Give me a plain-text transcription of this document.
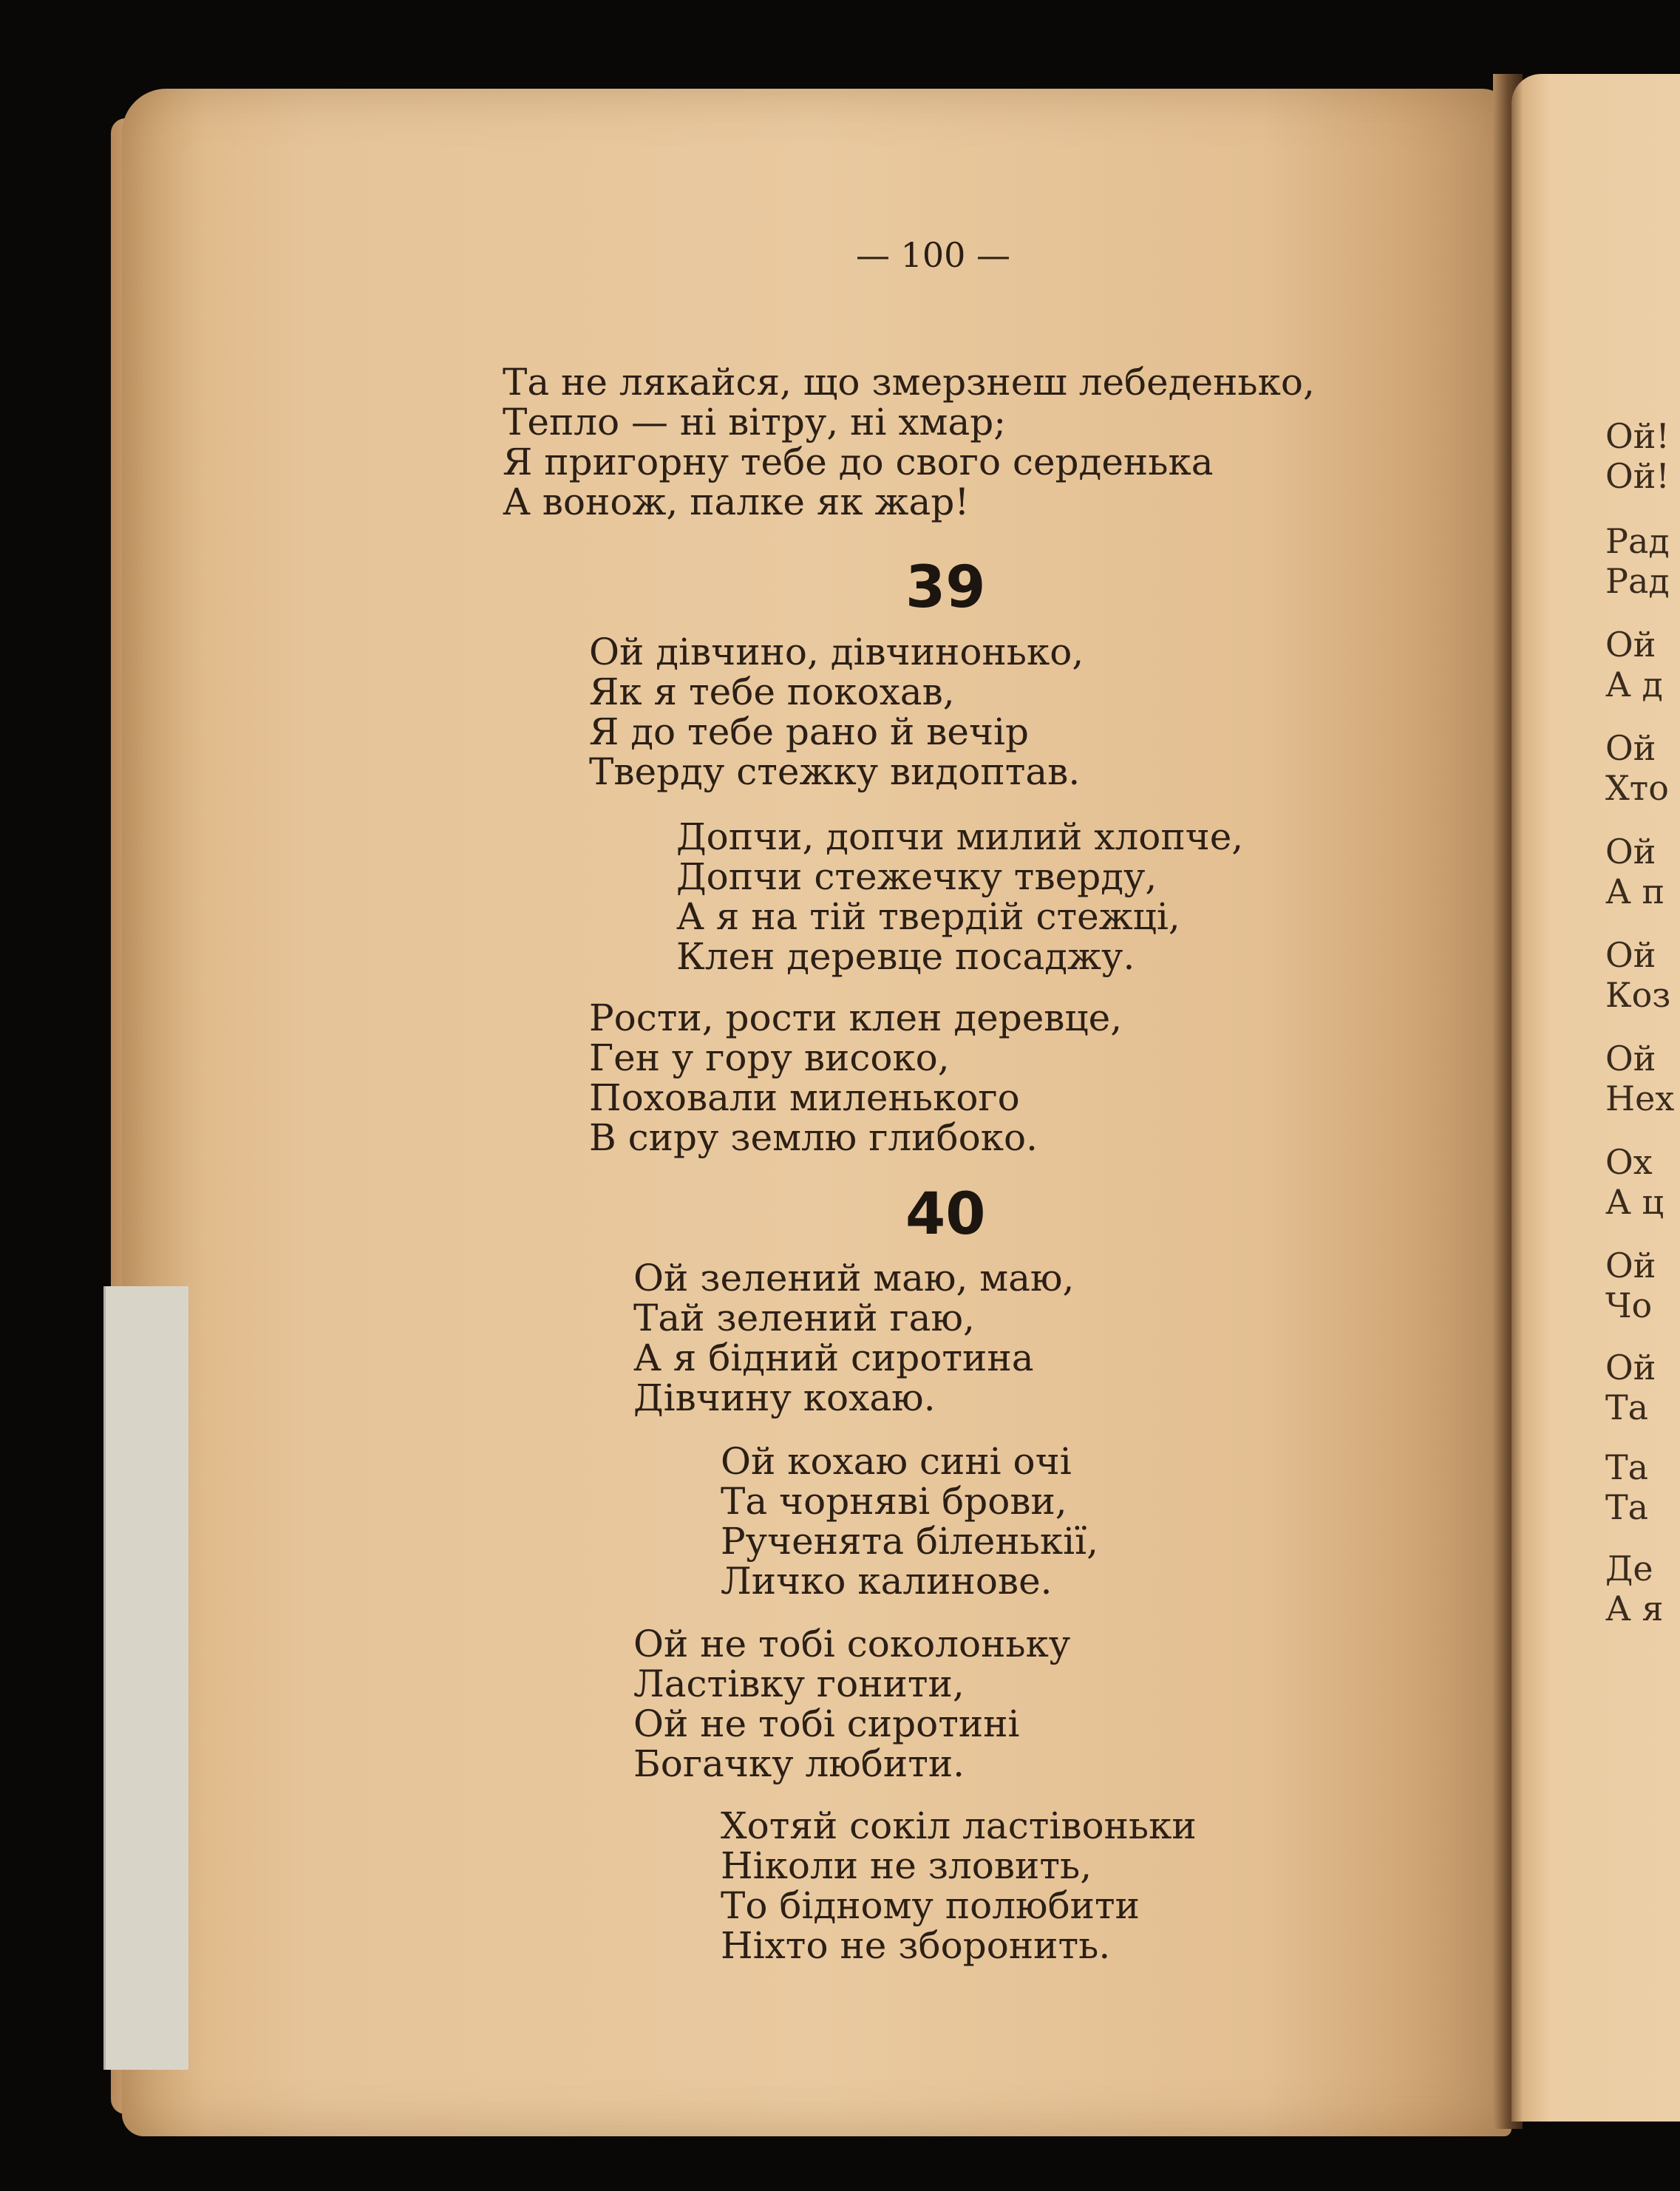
— 100 —
Та не лякайся, що змерзнеш лебеденько,
Тепло — ні вітру, ні хмар;
Я пригорну тебе до свого серденька
А вонож, палке як жар!
39
Ой дівчино, дівчинонько,
Як я тебе покохав,
Я до тебе рано й вечір
Тверду стежку видоптав.
Допчи, допчи милий хлопче,
Допчи стежечку тверду,
А я на тій твердій стежці,
Клен деревце посаджу.
Рости, рости клен деревце,
Ген у гору високо,
Поховали миленького
В сиру землю глибоко.
40
Ой зелений маю, маю,
Тай зелений гаю,
А я бідний сиротина
Дівчину кохаю.
Ой кохаю сині очі
Та чорняві брови,
Рученята біленькії,
Личко калинове.
Ой не тобі соколоньку
Ластівку гонити,
Ой не тобі сиротині
Богачку любити.
Хотяй сокіл ластівоньки
Ніколи не зловить,
То бідному полюбити
Ніхто не зборонить.
Ой!
Ой!
Рад
Рад
Ой
А д
Ой
Хто
Ой
А п
Ой
Коз
Ой
Нех
Ох
А ц
Ой
Чо
Ой
Та
Та
Та
Де
А я
